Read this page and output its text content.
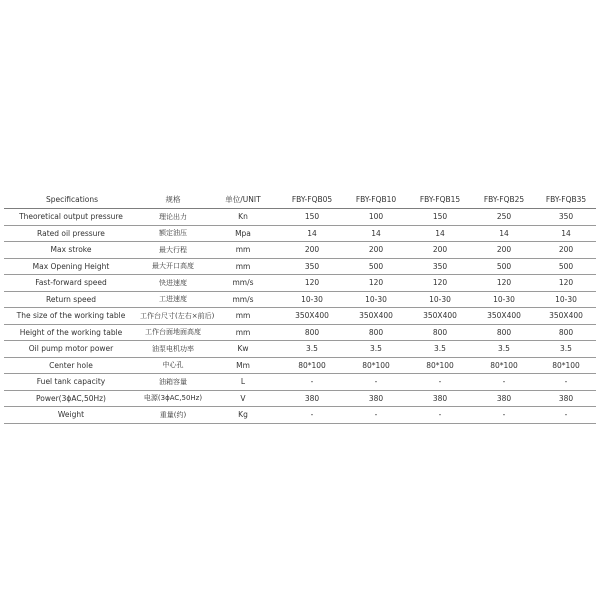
Specifications	规格	单位/UNIT	FBY-FQB05	FBY-FQB10	FBY-FQB15	FBY-FQB25	FBY-FQB35
Theoretical output pressure	理论出力	Kn	150	100	150	250	350
Rated oil pressure	额定油压	Mpa	14	14	14	14	14
Max stroke	最大行程	mm	200	200	200	200	200
Max Opening Height	最大开口高度	mm	350	500	350	500	500
Fast-forward speed	快进速度	mm/s	120	120	120	120	120
Return speed	工进速度	mm/s	10-30	10-30	10-30	10-30	10-30
The size of the working table	工作台尺寸(左右×前后)	mm	350X400	350X400	350X400	350X400	350X400
Height of the working table	工作台面地面高度	mm	800	800	800	800	800
Oil pump motor power	油泵电机功率	Kw	3.5	3.5	3.5	3.5	3.5
Center hole	中心孔	Mm	80*100	80*100	80*100	80*100	80*100
Fuel tank capacity	油箱容量	L	-	-	-	-	-
Power(3ϕAC,50Hz)	电源(3ϕAC,50Hz)	V	380	380	380	380	380
Weight	重量(约)	Kg	-	-	-	-	-
